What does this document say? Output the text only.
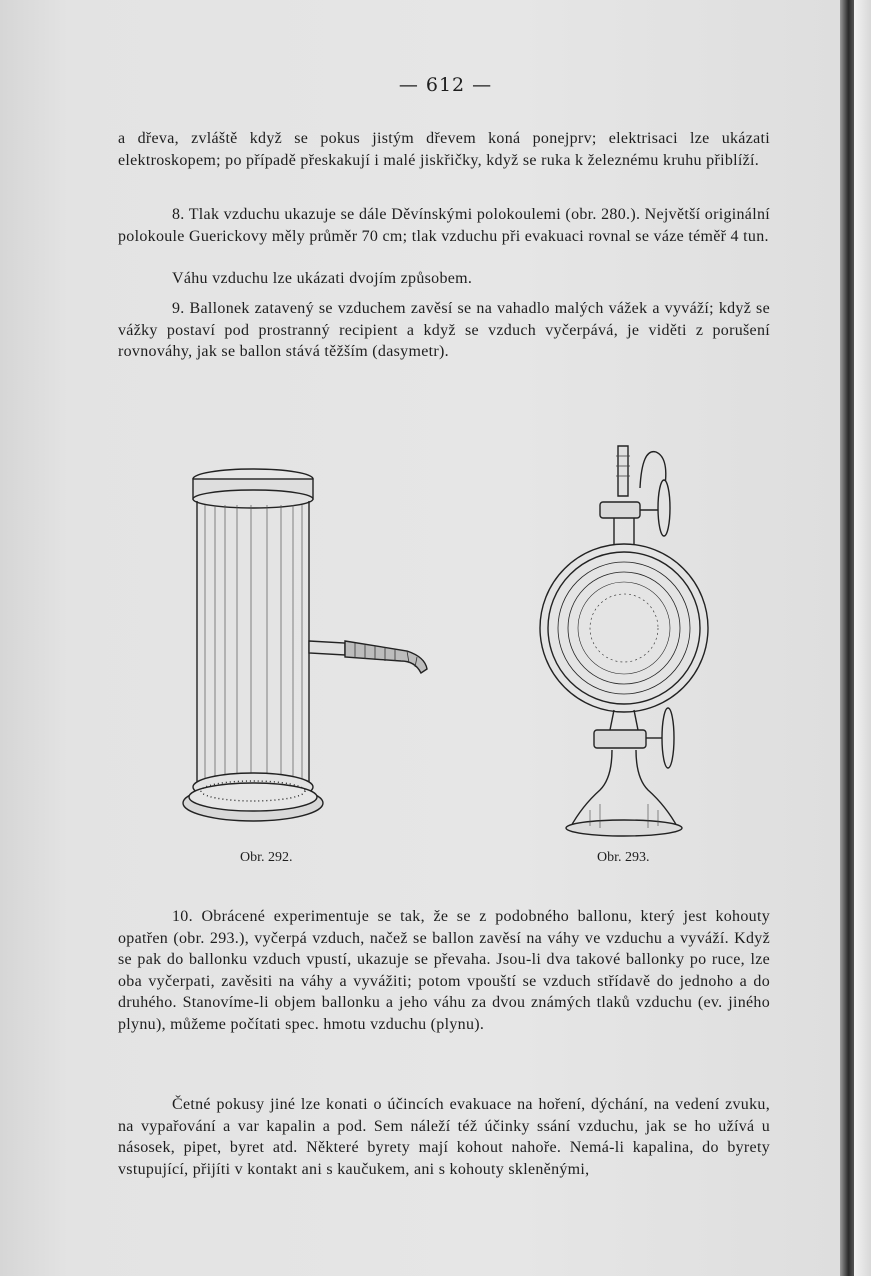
— 612 —

a dřeva, zvláště když se pokus jistým dřevem koná ponejprv; elektrisaci lze ukázati elektroskopem; po případě přeskakují i malé jiskřičky, když se ruka k železnému kruhu přiblíží.

8. Tlak vzduchu ukazuje se dále Děvínskými polokoulemi (obr. 280.). Největší originální polokoule Guerickovy měly průměr 70 cm; tlak vzduchu při evakuaci rovnal se váze téměř 4 tun.

Váhu vzduchu lze ukázati dvojím způsobem.

9. Ballonek zatavený se vzduchem zavěsí se na vahadlo malých vážek a vyváží; když se vážky postaví pod prostranný recipient a když se vzduch vyčerpává, je viděti z porušení rovnováhy, jak se ballon stává těžším (dasymetr).

Obr. 292.	Obr. 293.

10. Obrácené experimentuje se tak, že se z podobného ballonu, který jest kohouty opatřen (obr. 293.), vyčerpá vzduch, načež se ballon zavěsí na váhy ve vzduchu a vyváží. Když se pak do ballonku vzduch vpustí, ukazuje se převaha. Jsou-li dva takové ballonky po ruce, lze oba vyčerpati, zavěsiti na váhy a vyvážiti; potom vpouští se vzduch střídavě do jednoho a do druhého. Stanovíme-li objem ballonku a jeho váhu za dvou známých tlaků vzduchu (ev. jiného plynu), můžeme počítati spec. hmotu vzduchu (plynu).

Četné pokusy jiné lze konati o účincích evakuace na hoření, dýchání, na vedení zvuku, na vypařování a var kapalin a pod. Sem náleží též účinky ssání vzduchu, jak se ho užívá u násosek, pipet, byret atd. Některé byrety mají kohout nahoře. Nemá-li kapalina, do byrety vstupující, přijíti v kontakt ani s kaučukem, ani s kohouty skleněnými,
